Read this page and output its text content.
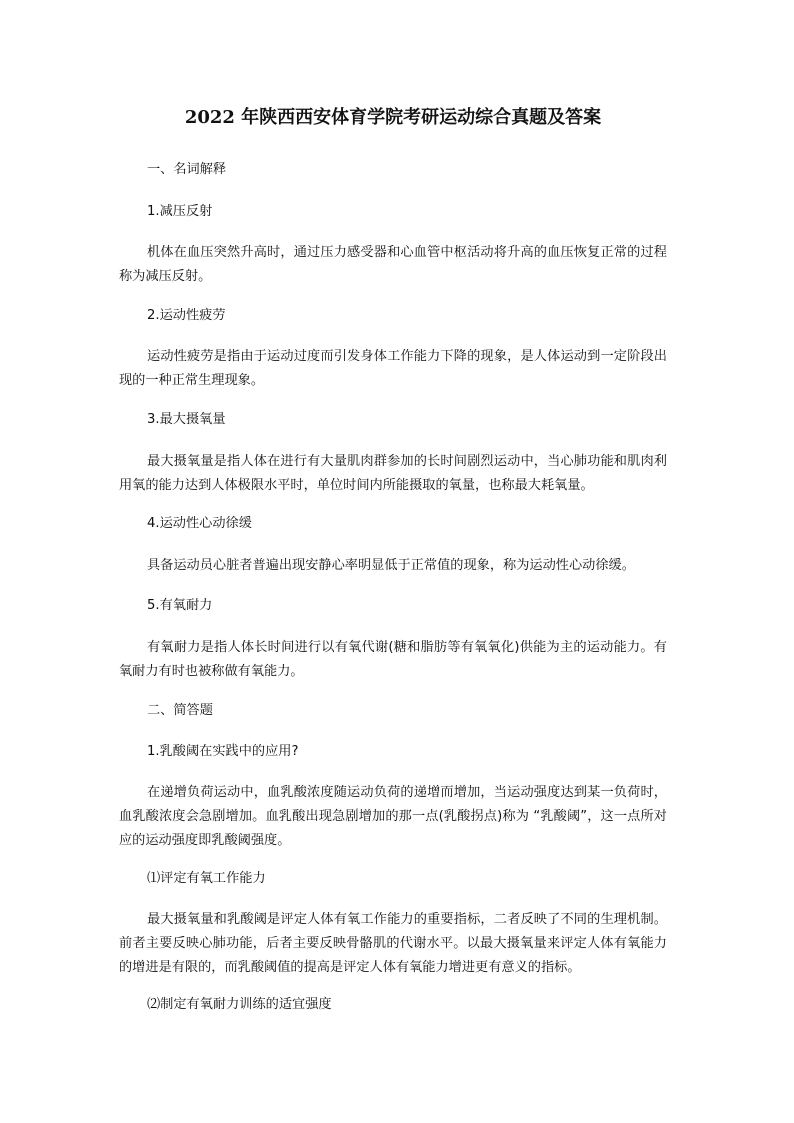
2022 年陕西西安体育学院考研运动综合真题及答案
一、名词解释
1.减压反射
机体在血压突然升高时，通过压力感受器和心血管中枢活动将升高的血压恢复正常的过程称为减压反射。
2.运动性疲劳
运动性疲劳是指由于运动过度而引发身体工作能力下降的现象，是人体运动到一定阶段出现的一种正常生理现象。
3.最大摄氧量
最大摄氧量是指人体在进行有大量肌肉群参加的长时间剧烈运动中，当心肺功能和肌肉利用氧的能力达到人体极限水平时，单位时间内所能摄取的氧量，也称最大耗氧量。
4.运动性心动徐缓
具备运动员心脏者普遍出现安静心率明显低于正常值的现象，称为运动性心动徐缓。
5.有氧耐力
有氧耐力是指人体长时间进行以有氧代谢(糖和脂肪等有氧氧化)供能为主的运动能力。有氧耐力有时也被称做有氧能力。
二、简答题
1.乳酸阈在实践中的应用?
在递增负荷运动中，血乳酸浓度随运动负荷的递增而增加，当运动强度达到某一负荷时，血乳酸浓度会急剧增加。血乳酸出现急剧增加的那一点(乳酸拐点)称为 “乳酸阈”，这一点所对应的运动强度即乳酸阈强度。
⑴评定有氧工作能力
最大摄氧量和乳酸阈是评定人体有氧工作能力的重要指标，二者反映了不同的生理机制。前者主要反映心肺功能，后者主要反映骨骼肌的代谢水平。以最大摄氧量来评定人体有氧能力的增进是有限的，而乳酸阈值的提高是评定人体有氧能力增进更有意义的指标。
⑵制定有氧耐力训练的适宜强度
